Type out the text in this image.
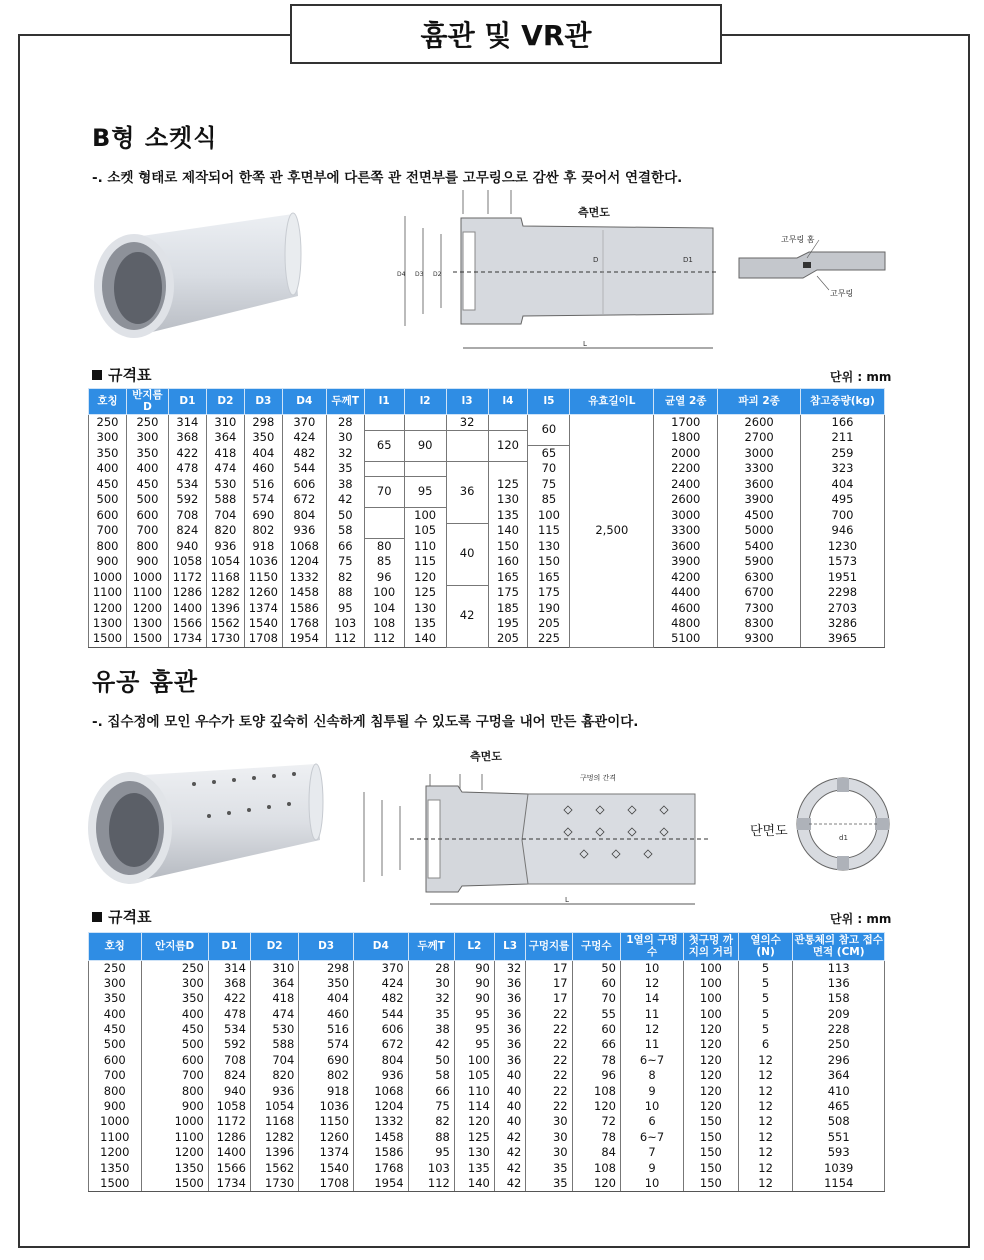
흄관 및 VR관
B형 소켓식
-. 소켓 형태로 제작되어 한쪽 관 후면부에 다른쪽 관 전면부를 고무링으로 감싼 후 끚어서 연결한다.
측면도
D	D1
D4 D3 D2
L
고무링 홈
고무링
규격표	단위 : mm
호칭	반지름D	D1	D2	D3	D4	두께T	l1	l2	l3	l4	l5	유효길이L	균열 2종	파괴 2종	참고중량(kg)
250	250	314	310	298	370	28			32		60	2,500	1700	2600	166
300	300	368	364	350	424	30	65	90		120			1800	2700	211
350	350	422	418	404	482	32					65		2000	3000	259
400	400	478	474	460	544	35			36		70		2200	3300	323
450	450	534	530	516	606	38	70	95		125	75		2400	3600	404
500	500	592	588	574	672	42				130	85		2600	3900	495
600	600	708	704	690	804	50		100		135	100		3000	4500	700
700	700	824	820	802	936	58		105	40	140	115		3300	5000	946
800	800	940	936	918	1068	66	80	110		150	130		3600	5400	1230
900	900	1058	1054	1036	1204	75	85	115		160	150		3900	5900	1573
1000	1000	1172	1168	1150	1332	82	96	120		165	165		4200	6300	1951
1100	1100	1286	1282	1260	1458	88	100	125	42	175	175		4400	6700	2298
1200	1200	1400	1396	1374	1586	95	104	130		185	190		4600	7300	2703
1300	1300	1566	1562	1540	1768	103	108	135		195	205		4800	8300	3286
1500	1500	1734	1730	1708	1954	112	112	140		205	225		5100	9300	3965
유공 흄관
-. 집수정에 모인 우수가 토양 깊숙히 신속하게 침투될 수 있도록 구멍을 내어 만든 흄관이다.
측면도
구멍의 간격
L
단면도	d1
규격표	단위 : mm
호칭	안지름D	D1	D2	D3	D4	두께T	L2	L3	구멍지름	구멍수	1열의 구멍수	첫구멍 까지의 거리	열의수 (N)	관통체의 참고 접수 면적 (CM)
250	250	314	310	298	370	28	90	32	17	50	10	100	5	113
300	300	368	364	350	424	30	90	36	17	60	12	100	5	136
350	350	422	418	404	482	32	90	36	17	70	14	100	5	158
400	400	478	474	460	544	35	95	36	22	55	11	100	5	209
450	450	534	530	516	606	38	95	36	22	60	12	120	5	228
500	500	592	588	574	672	42	95	36	22	66	11	120	6	250
600	600	708	704	690	804	50	100	36	22	78	6~7	120	12	296
700	700	824	820	802	936	58	105	40	22	96	8	120	12	364
800	800	940	936	918	1068	66	110	40	22	108	9	120	12	410
900	900	1058	1054	1036	1204	75	114	40	22	120	10	120	12	465
1000	1000	1172	1168	1150	1332	82	120	40	30	72	6	150	12	508
1100	1100	1286	1282	1260	1458	88	125	42	30	78	6~7	150	12	551
1200	1200	1400	1396	1374	1586	95	130	42	30	84	7	150	12	593
1350	1350	1566	1562	1540	1768	103	135	42	35	108	9	150	12	1039
1500	1500	1734	1730	1708	1954	112	140	42	35	120	10	150	12	1154
